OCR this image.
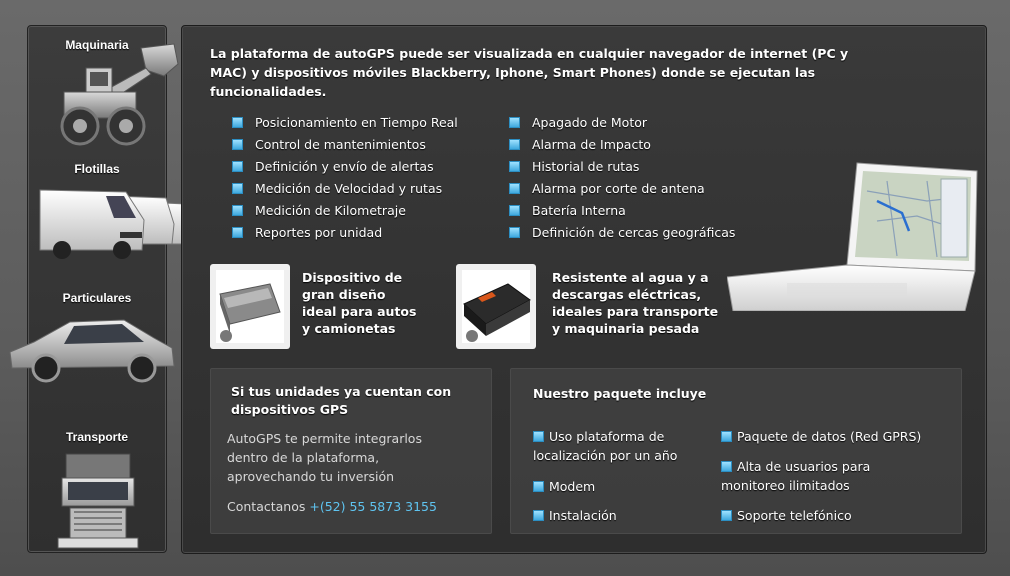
Maquinaria
Flotillas
Particulares
Transporte
La plataforma de autoGPS puede ser visualizada en cualquier navegador de internet (PC y MAC) y dispositivos móviles Blackberry, Iphone, Smart Phones) donde se ejecutan las funcionalidades.
Posicionamiento en Tiempo Real
Control de mantenimientos
Definición y envío de alertas
Medición de Velocidad y rutas
Medición de Kilometraje
Reportes por unidad
Apagado de Motor
Alarma de Impacto
Historial de rutas
Alarma por corte de antena
Batería Interna
Definición de cercas geográficas
Dispositivo de
gran diseño
ideal para autos
y camionetas
Resistente al agua y a
descargas eléctricas,
ideales para transporte
y maquinaria pesada
Si tus unidades ya cuentan con
dispositivos GPS
AutoGPS te permite integrarlos
dentro de la plataforma,
aprovechando tu inversión
Contactanos +(52) 55 5873 3155
Nuestro paquete incluye
Uso plataforma de
localización por un año
Modem
Instalación
Paquete de datos (Red GPRS)
Alta de usuarios para
monitoreo ilimitados
Soporte telefónico
